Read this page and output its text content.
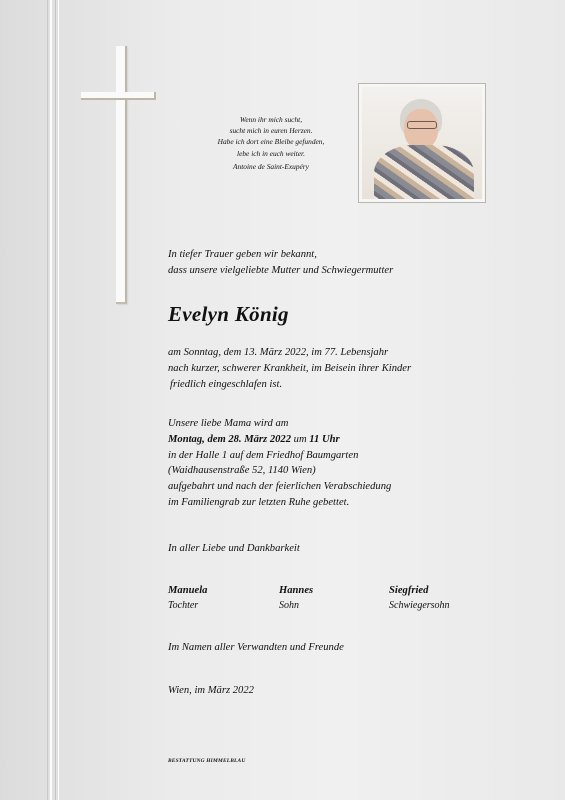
Wenn ihr mich sucht,
sucht mich in euren Herzen.
Habe ich dort eine Bleibe gefunden,
lebe ich in euch weiter.
Antoine de Saint-Exupéry
In tiefer Trauer geben wir bekannt,
dass unsere vielgeliebte Mutter und Schwiegermutter
Evelyn König
am Sonntag, dem 13. März 2022, im 77. Lebensjahr
nach kurzer, schwerer Krankheit, im Beisein ihrer Kinder
friedlich eingeschlafen ist.
Unsere liebe Mama wird am
Montag, dem 28. März 2022 um 11 Uhr
in der Halle 1 auf dem Friedhof Baumgarten
(Waidhausenstraße 52, 1140 Wien)
aufgebahrt und nach der feierlichen Verabschiedung
im Familiengrab zur letzten Ruhe gebettet.
In aller Liebe und Dankbarkeit
Manuela
Tochter
Hannes
Sohn
Siegfried
Schwiegersohn
Im Namen aller Verwandten und Freunde
Wien, im März 2022
BESTATTUNG HIMMELBLAU
